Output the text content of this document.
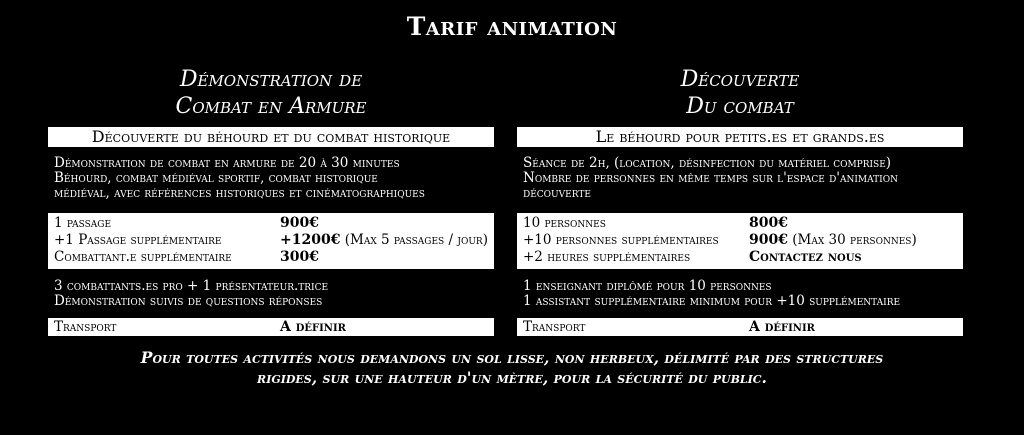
Tarif animation
Démonstration de
Combat en Armure
Découverte du béhourd et du combat historique
Démonstration de combat en armure de 20 à 30 minutes
Béhourd, combat médiéval sportif, combat historique
médiéval, avec références historiques et cinématographiques
1 passage	900€
+1 Passage supplémentaire	+1200€ (Max 5 passages / jour)
Combattant.e supplémentaire	300€
3 combattants.es pro + 1 présentateur.trice
Démonstration suivis de questions réponses
Transport	A définir
Découverte
Du combat
Le béhourd pour petits.es et grands.es
Séance de 2h, (location, désinfection du matériel comprise)
Nombre de personnes en même temps sur l'espace d'animation
découverte
10 personnes	800€
+10 personnes supplémentaires	900€ (Max 30 personnes)
+2 heures supplémentaires	Contactez nous
1 enseignant diplômé pour 10 personnes
1 assistant supplémentaire minimum pour +10 supplémentaire
Transport	A définir
Pour toutes activités nous demandons un sol lisse, non herbeux, délimité par des structures
rigides, sur une hauteur d'un mètre, pour la sécurité du public.
